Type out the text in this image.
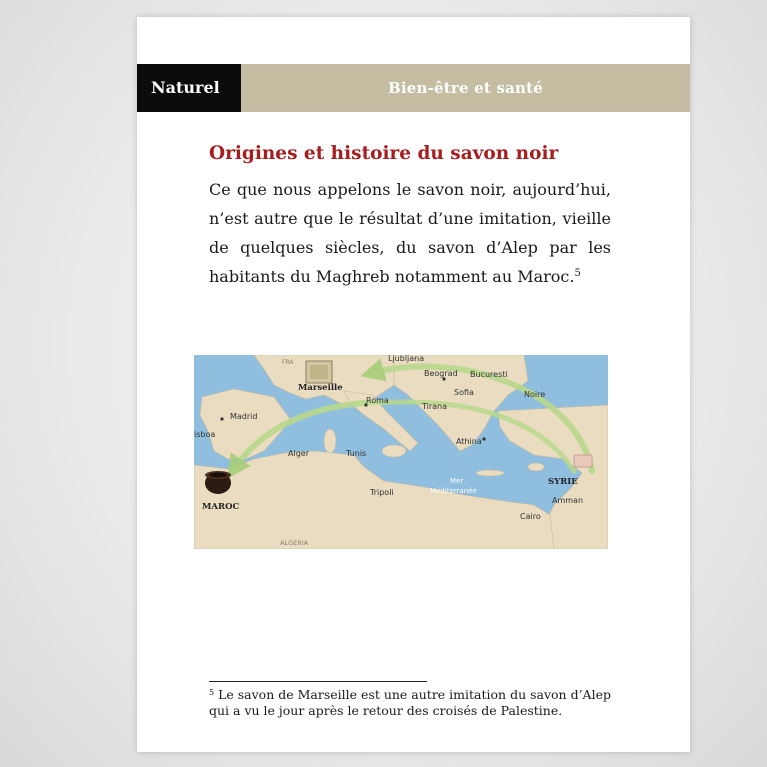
Naturel	Bien-être et santé
Origines et histoire du savon noir

Ce que nous appelons le savon noir, aujourd’hui, n’est autre que le résultat d’une imitation, vieille de quelques siècles, du savon d’Alep par les habitants du Maghreb notamment au Maroc.$^5$

FRA	Ljubljana
Beograd Bucuresti
Noire
Sofia
Marseille
Roma
Tirana
Madrid
isboa
Athina
Alger	Tunis
SYRIE
Amman
Tripoli
Mer
Méditerranée
MAROC
Cairo
ALGERIA

$^5$ Le savon de Marseille est une autre imitation du savon d’Alep qui a vu le jour après le retour des croisés de Palestine.
